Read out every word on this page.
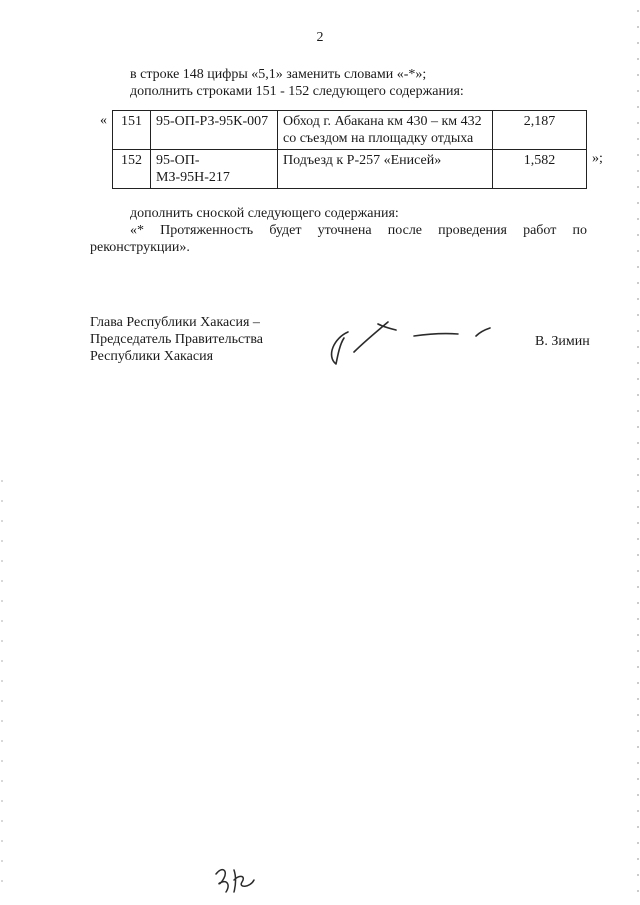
2
в строке 148 цифры «5,1» заменить словами «-*»;
дополнить строками 151 - 152 следующего содержания:
« 151	95-ОП-РЗ-95К-007	Обход г. Абакана км 430 – км 432
со съездом на площадку отдыха	2,187
152	95-ОП-МЗ-95Н-217	Подъезд к Р-257 «Енисей»	1,582	»;
дополнить сноской следующего содержания:
«* Протяженность будет уточнена после проведения работ по
реконструкции».
Глава Республики Хакасия –
Председатель Правительства
Республики Хакасия
В. Зимин
